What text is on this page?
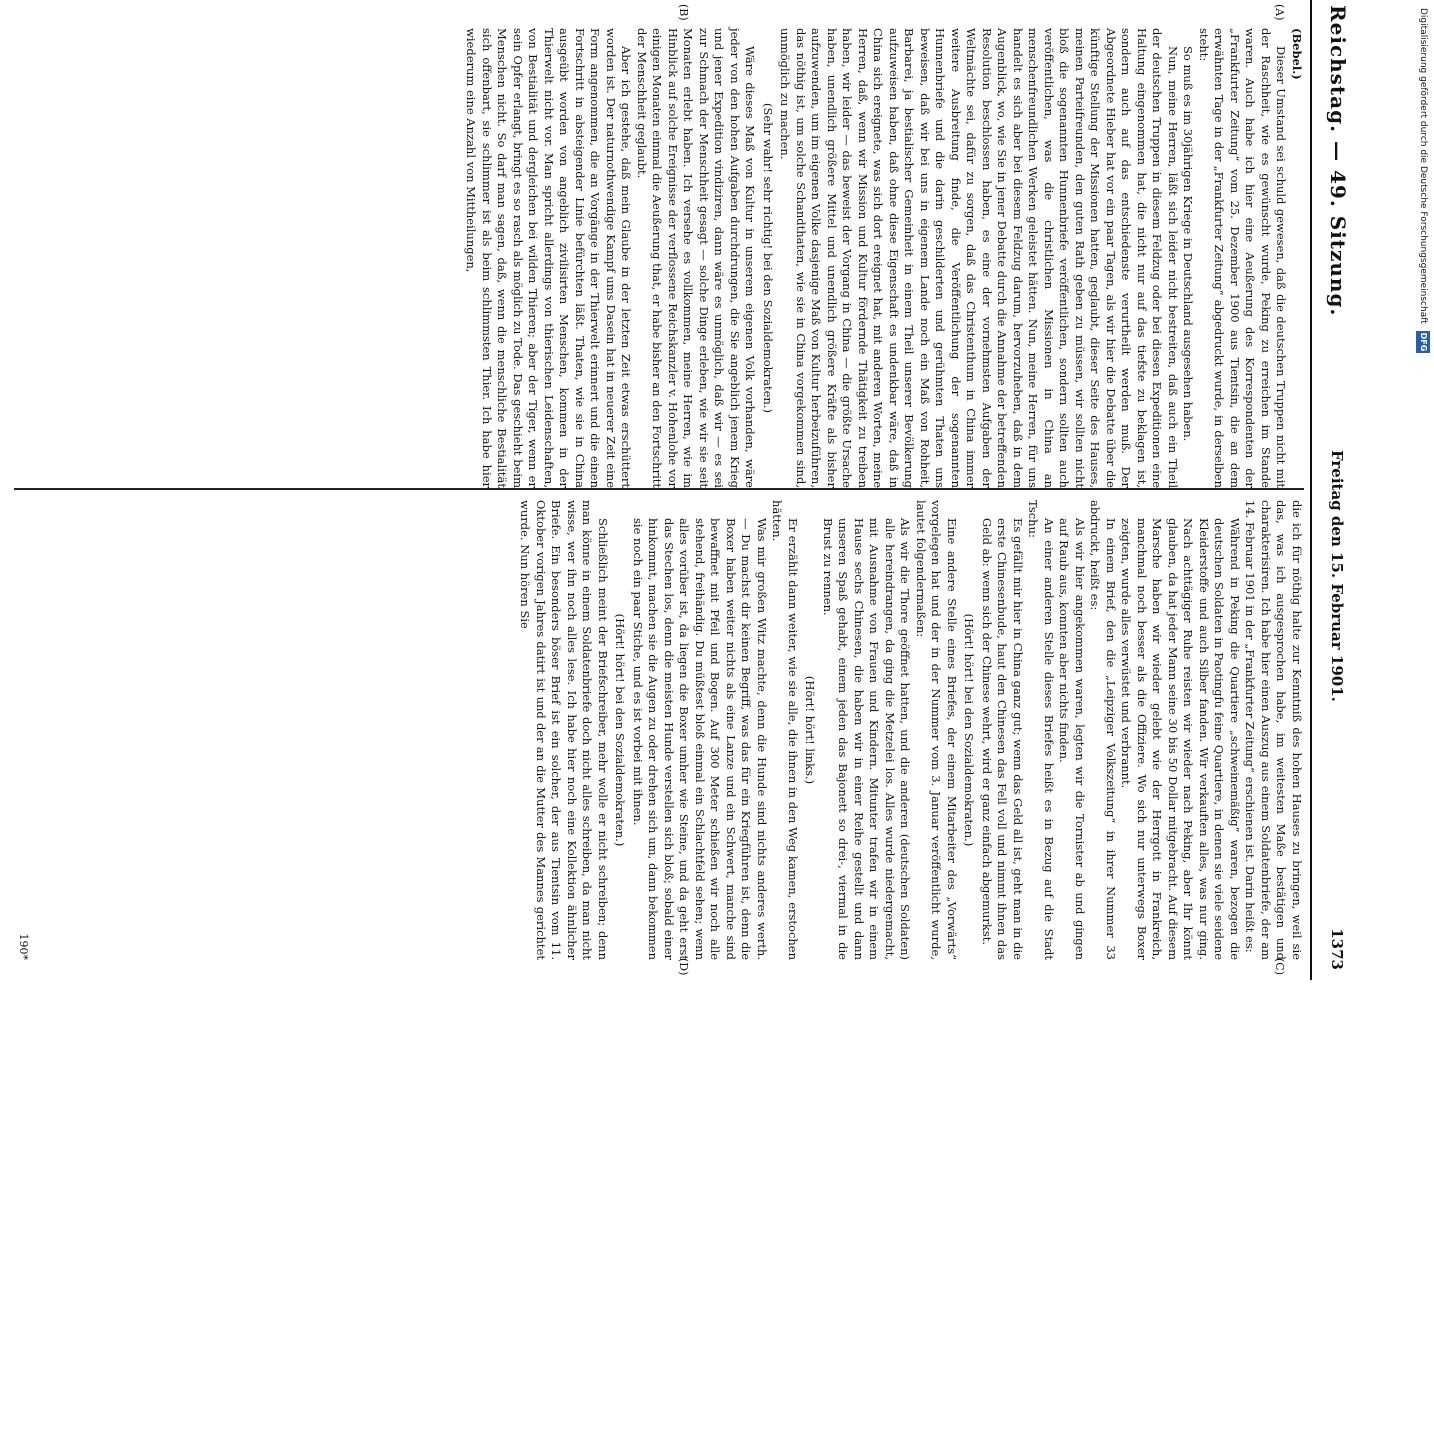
Reichstag. — 49. Sitzung.
Freitag den 15. Februar 1901.
1373
(A)
(B)
(C)
(D)

(Bebel.)

Dieser Umstand sei schuld gewesen, daß die deutschen Truppen nicht mit der Raschheit, wie es gewünscht wurde, Peking zu erreichen im Stande waren. Auch habe ich hier eine Aeußerung des Korrespondenten der „Frankfurter Zeitung“ vom 25. Dezember 1900 aus Tientsin, die an dem erwähnten Tage in der „Frankfurter Zeitung“ abgedruckt wurde, in derselben steht:

So muß es im 30jährigen Kriege in Deutschland ausgesehen haben.

Nun, meine Herren, läßt sich leider nicht bestreiten, daß auch ein Theil der deutschen Truppen in diesem Feldzug oder bei diesen Expeditionen eine Haltung eingenommen hat, die nicht nur auf das tiefste zu beklagen ist, sondern auch auf das entschiedenste verurtheilt werden muß. Der Abgeordnete Hieber hat vor ein paar Tagen, als wir hier die Debatte über die künftige Stellung der Missionen hatten, geglaubt, dieser Seite des Hauses, meinen Parteifreunden, den guten Rath geben zu müssen, wir sollten nicht bloß die sogenannten Hunnenbriefe veröffentlichen, sondern sollten auch veröffentlichen, was die christlichen Missionen in China an menschenfreundlichen Werken geleistet hätten. Nun, meine Herren, für uns handelt es sich aber bei diesem Feldzug darum, hervorzuheben, daß in dem Augenblick, wo, wie Sie in jener Debatte durch die Annahme der betreffenden Resolution beschlossen haben, es eine der vornehmsten Aufgaben der Weltmächte sei, dafür zu sorgen, daß das Christenthum in China immer weitere Ausbreitung finde, die Veröffentlichung der sogenannten Hunnenbriefe und die darin geschilderten und gerühmten Thaten uns beweisen, daß wir bei uns in eigenem Lande noch ein Maß von Rohheit, Barbarei, ja bestialischer Gemeinheit in einem Theil unserer Bevölkerung aufzuweisen haben, daß ohne diese Eigenschaft es undenkbar wäre, daß in China sich ereignete, was sich dort ereignet hat, mit anderen Worten, meine Herren, daß, wenn wir Mission und Kultur fördernde Thätigkeit zu treiben haben, wir leider — das beweist der Vorgang in China — die größte Ursache haben, unendlich größere Mittel und unendlich größere Kräfte als bisher aufzuwenden, um im eigenen Volke dasjenige Maß von Kultur herbeizuführen, das nöthig ist, um solche Schandthaten, wie sie in China vorgekommen sind, unmöglich zu machen.

(Sehr wahr! sehr richtig! bei den Sozialdemokraten.)

Wäre dieses Maß von Kultur in unserem eigenen Volk vorhanden, wäre jeder von den hohen Aufgaben durchdrungen, die Sie angeblich jenem Krieg und jener Expedition vindiziren, dann wäre es unmöglich, daß wir — es sei zur Schmach der Menschheit gesagt — solche Dinge erleben, wie wir sie seit Monaten erlebt haben. Ich versehe es vollkommen, meine Herren, wie im Hinblick auf solche Ereignisse der verflossene Reichskanzler v. Hohenlohe vor einigen Monaten einmal die Aeußerung that, er habe bisher an den Fortschritt der Menschheit geglaubt.

Aber ich gestehe, daß mein Glaube in der letzten Zeit etwas erschüttert worden ist. Der naturnothwendige Kampf ums Dasein hat in neuerer Zeit eine Form angenommen, die an Vorgänge in der Thierwelt erinnert und die einen Fortschritt in absteigender Linie befürchten läßt. Thaten, wie sie in China ausgeübt worden von angeblich zivilisirten Menschen, kommen in der Thierwelt nicht vor. Man spricht allerdings von thierischen Leidenschaften, von Bestialität und dergleichen bei wilden Thieren; aber der Tiger, wenn er sein Opfer erlangt, bringt es so rasch als möglich zu Tode. Das geschieht beim Menschen nicht. So darf man sagen, daß, wenn die menschliche Bestialität sich offenbart, sie schlimmer ist als beim schlimmsten Thier. Ich habe hier wiederum eine Anzahl von Mittheilungen,

die ich für nöthig halte zur Kenntniß des hohen Hauses zu bringen, weil sie das, was ich ausgesprochen habe, im weitesten Maße bestätigen und charakterisiren. Ich habe hier einen Auszug aus einem Soldatenbriefe, der am 14. Februar 1901 in der „Frankfurter Zeitung“ erschienen ist. Darin heißt es:

Während in Peking die Quartiere „schweinemäßig“ waren, bezogen die deutschen Soldaten in Paotingfu feine Quartiere, in denen sie viele seidene Kleiderstoffe und auch Silber fanden. Wir verkauften alles, was nur ging. Nach achttägiger Ruhe reisten wir wieder nach Peking, aber Ihr könnt glauben, da hat jeder Mann seine 30 bis 50 Dollar mitgebracht. Auf diesem Marsche haben wir wieder gelebt wie der Herrgott in Frankreich, manchmal noch besser als die Offiziere. Wo sich nur unterwegs Boxer zeigten, wurde alles verwüstet und verbrannt.

In einem Brief, den die „Leipziger Volkszeitung“ in ihrer Nummer 33 abdruckt, heißt es:

Als wir hier angekommen waren, legten wir die Tornister ab und gingen auf Raub aus, konnten aber nichts finden.

An einer anderen Stelle dieses Briefes heißt es in Bezug auf die Stadt Tschu:

Es gefällt mir hier in China ganz gut; wenn das Geld all ist, geht man in die erste Chinesenbude, haut den Chinesen das Fell voll und nimmt ihnen das Geld ab: wenn sich der Chinese wehrt, wird er ganz einfach abgemurkst.

(Hört! hört! bei den Sozialdemokraten.)

Eine andere Stelle eines Briefes, der einem Mitarbeiter des „Vorwärts“ vorgelegen hat und der in der Nummer vom 3. Januar veröffentlicht wurde, lautet folgendermaßen:

Als wir die Thore geöffnet hatten, und die anderen (deutschen Soldaten) alle hereindrangen, da ging die Metzelei los. Alles wurde niedergemacht, mit Ausnahme von Frauen und Kindern. Mitunter trafen wir in einem Hause sechs Chinesen, die haben wir in einer Reihe gestellt und dann unseren Spaß gehabt, einem jeden das Bajonett so drei-, viermal in die Brust zu rennen.

(Hört! hört! links.)

Er erzählt dann weiter, wie sie alle, die ihnen in den Weg kamen, erstochen hätten.

Was mir großen Witz machte, denn die Hunde sind nichts anderes werth. — Du machst dir keinen Begriff, was das für ein Kriegführen ist, denn die Boxer haben weiter nichts als eine Lanze und ein Schwert, manche sind bewaffnet mit Pfeil und Bogen. Auf 300 Meter schießen wir noch alle stehend, freihändig. Du müßtest bloß einmal ein Schlachtfeld sehen; wenn alles vorüber ist, da liegen die Boxer umher wie Steine, und da geht erst das Stechen los, denn die meisten Hunde verstellen sich bloß; sobald einer hinkommt, machen sie die Augen zu oder drehen sich um, dann bekommen sie noch ein paar Stiche, und es ist vorbei mit ihnen.

(Hört! hört! bei den Sozialdemokraten.)

Schließlich meint der Briefschreiber, mehr wolle er nicht schreiben; denn man könne in einem Soldatenbriefe doch nicht alles schreiben, da man nicht wisse, wer ihn noch alles lese. Ich habe hier noch eine Kollektion ähnlicher Briefe. Ein besonders böser Brief ist ein solcher, der aus Tientsin vom 11. Oktober vorigen Jahres datirt ist und der an die Mutter des Mannes gerichtet wurde. Nun hören Sie

190*
Digitalisierung gefördert durch die Deutsche Forschungsgemeinschaft DFG
